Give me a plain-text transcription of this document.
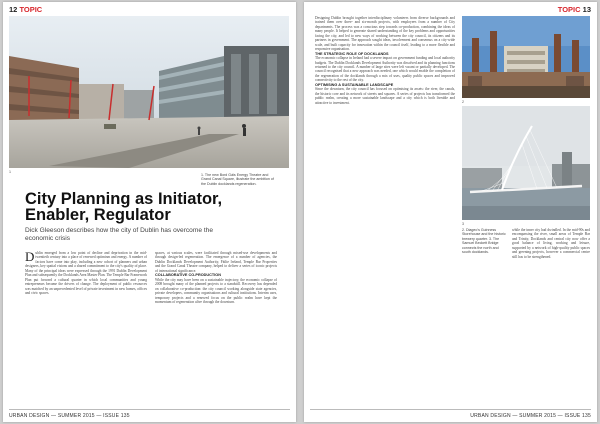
12 TOPIC
1
1. The new Bord Gáis Energy Theatre and Grand Canal Square, illustrate the ambition of the Dublin docklands regeneration.
City Planning as Initiator, Enabler, Regulator
Dick Gleeson describes how the city of Dublin has overcome the economic crisis

Dublin emerged from a low point of decline and deprivation in the mid-twentieth century into a place of renewed optimism and energy. A number of factors have come into play, including a new cohort of planners and urban designers, key spatial visions and a shared commitment to the city's quality of place. Many of the principal ideas were expressed through the 1991 Dublin Development Plan and subsequently the Docklands Area Master Plan. The Temple Bar Framework Plan put forward a cultural quarter in which local communities and young entrepreneurs became the drivers of change. The deployment of public resources was matched by an unprecedented level of private investment in new homes, offices and civic spaces.

spaces, at various scales, were facilitated through mixed-use developments and through design-led regeneration. The emergence of a number of agencies, the Dublin Docklands Development Authority, Fáilte Ireland, Temple Bar Properties and the Grand Canal Theatre company, helped to deliver a series of iconic projects of international significance.

COLLABORATIVE CO-PRODUCTION

While the city may have been on a sustainable trajectory, the economic collapse of 2008 brought many of the planned projects to a standstill. Recovery has depended on collaborative co-production: the city council working alongside state agencies, private developers, community organisations and cultural institutions. Interim uses, temporary projects and a renewed focus on the public realm have kept the momentum of regeneration alive through the downturn.

URBAN DESIGN — SUMMER 2015 — ISSUE 135
TOPIC 13

Designing Dublin brought together interdisciplinary volunteers from diverse backgrounds and trained them over three- and six-month projects, with employees from a number of City departments. The process was a conscious step towards co-production, combining the ideas of many people. It helped to generate shared understanding of the key problems and opportunities facing the city, and led to new ways of working between the city council, its citizens and its partners in government. The approach sought ideas, involvement and consensus on a city-wide scale, and built capacity for innovation within the council itself, leading to a more flexible and responsive organisation.

THE STRATEGIC ROLE OF DOCKLANDS

The economic collapse in Ireland had a severe impact on government funding and local authority budgets. The Dublin Docklands Development Authority was dissolved and its planning functions returned to the city council. A number of large sites were left vacant or partially developed. The council recognised that a new approach was needed, one which would enable the completion of the regeneration of the docklands through a mix of uses, quality public spaces and improved connectivity to the rest of the city.

OPTIMISING A SUSTAINABLE LANDSCAPE

Since the downturn, the city council has focused on optimising its assets: the river, the canals, the historic core and its network of streets and squares. A series of projects has transformed the public realm, creating a more sustainable landscape and a city which is both liveable and attractive to investment.	2
3
2. Diageo's Guinness Storehouse and the historic brewery quarter. 3. The Samuel Beckett Bridge connects the north and south docklands.
while the inner city had dwindled. In the mid-90s and encompassing the river, small areas of Temple Bar and Trinity, Docklands and central city now offer a good balance of living, working and leisure, supported by a network of high-quality public spaces and greening projects, however a commercial centre still has to be strengthened.
URBAN DESIGN — SUMMER 2015 — ISSUE 135
